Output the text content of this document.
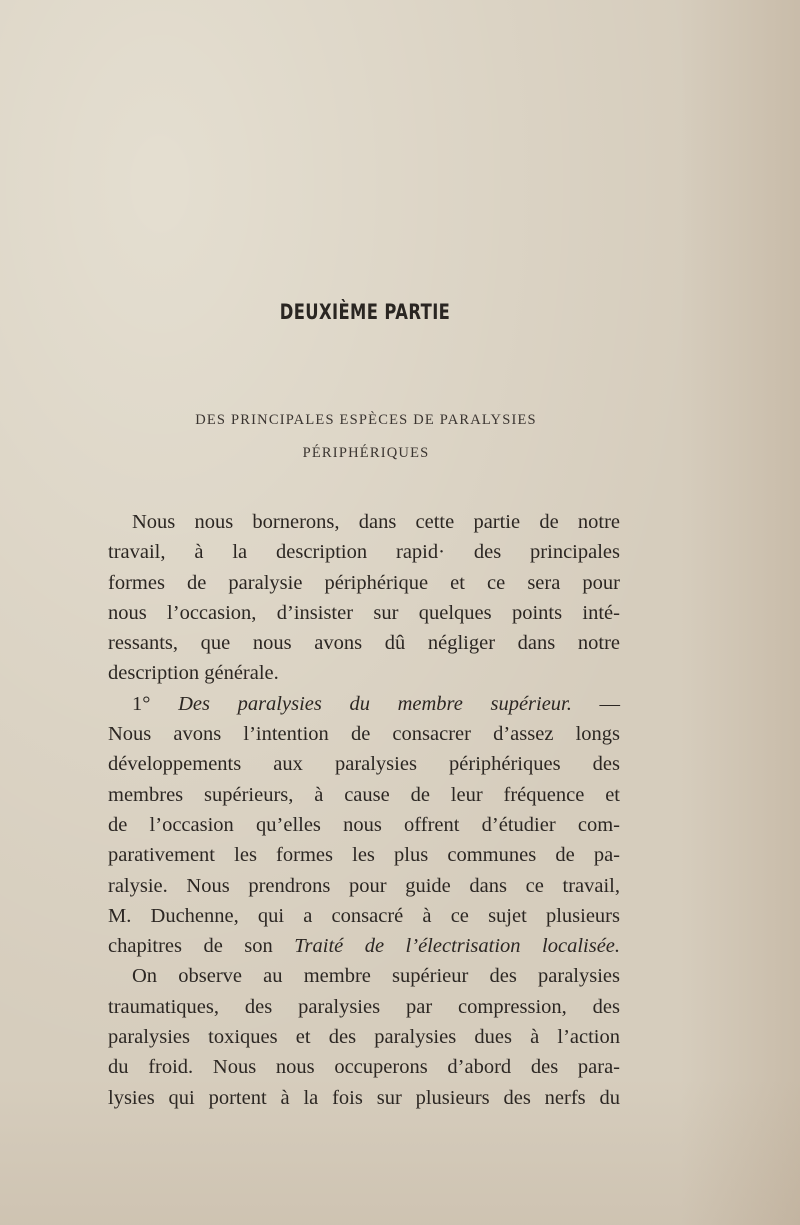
DEUXIÈME PARTIE
DES PRINCIPALES ESPÈCES DE PARALYSIES
PÉRIPHÉRIQUES
Nous nous bornerons, dans cette partie de notre
travail, à la description rapid· des principales
formes de paralysie périphérique et ce sera pour
nous l’occasion, d’insister sur quelques points inté-
ressants, que nous avons dû négliger dans notre
description générale.
1° Des paralysies du membre supérieur. —
Nous avons l’intention de consacrer d’assez longs
développements aux paralysies périphériques des
membres supérieurs, à cause de leur fréquence et
de l’occasion qu’elles nous offrent d’étudier com-
parativement les formes les plus communes de pa-
ralysie. Nous prendrons pour guide dans ce travail,
M. Duchenne, qui a consacré à ce sujet plusieurs
chapitres de son Traité de l’électrisation localisée.
On observe au membre supérieur des paralysies
traumatiques, des paralysies par compression, des
paralysies toxiques et des paralysies dues à l’action
du froid. Nous nous occuperons d’abord des para-
lysies qui portent à la fois sur plusieurs des nerfs du
